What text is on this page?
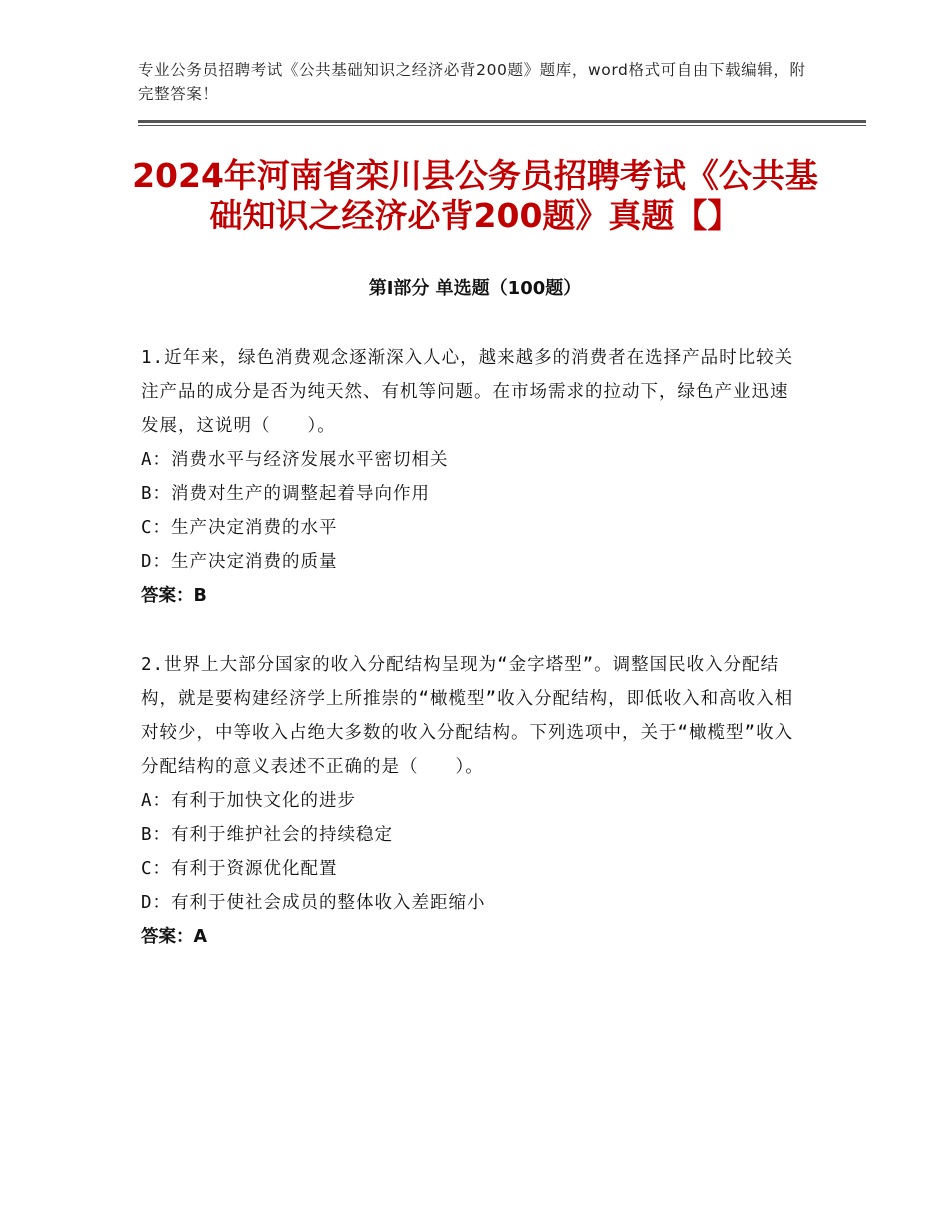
专业公务员招聘考试《公共基础知识之经济必背200题》题库，word格式可自由下载编辑，附完整答案！
2024年河南省栾川县公务员招聘考试《公共基础知识之经济必背200题》真题【】
第Ⅰ部分 单选题（100题）
1.近年来，绿色消费观念逐渐深入人心，越来越多的消费者在选择产品时比较关注产品的成分是否为纯天然、有机等问题。在市场需求的拉动下，绿色产业迅速发展，这说明（　　）。
A：消费水平与经济发展水平密切相关
B：消费对生产的调整起着导向作用
C：生产决定消费的水平
D：生产决定消费的质量
答案：B
2.世界上大部分国家的收入分配结构呈现为“金字塔型”。调整国民收入分配结构，就是要构建经济学上所推崇的“橄榄型”收入分配结构，即低收入和高收入相对较少，中等收入占绝大多数的收入分配结构。下列选项中，关于“橄榄型”收入分配结构的意义表述不正确的是（　　）。
A：有利于加快文化的进步
B：有利于维护社会的持续稳定
C：有利于资源优化配置
D：有利于使社会成员的整体收入差距缩小
答案：A
